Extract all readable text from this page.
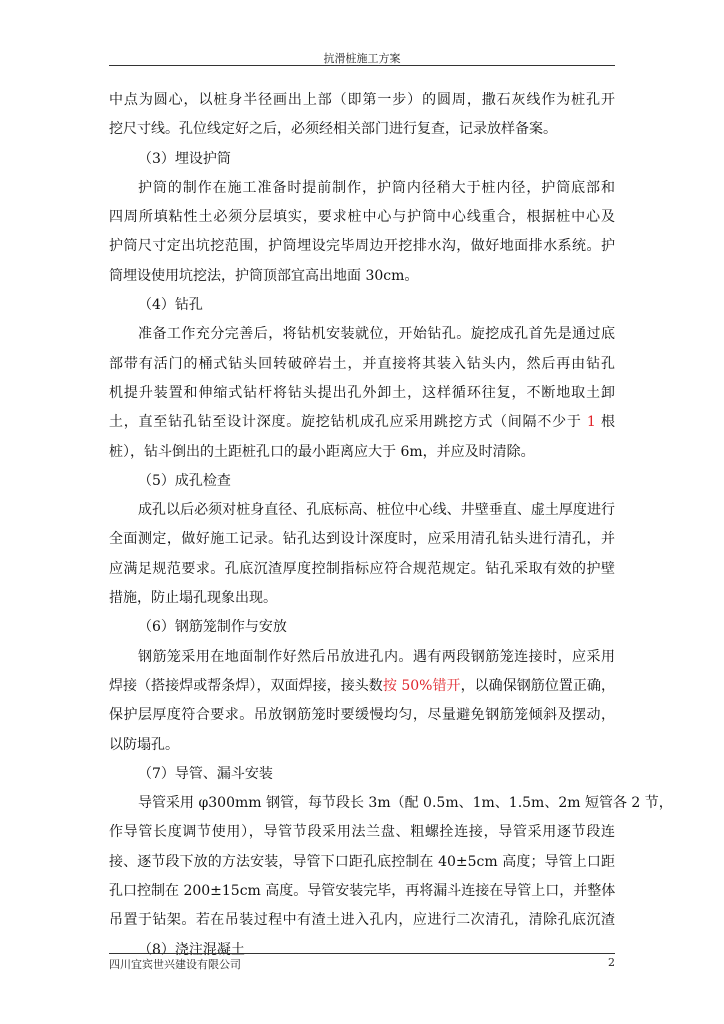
抗滑桩施工方案
中点为圆心，以桩身半径画出上部（即第一步）的圆周，撒石灰线作为桩孔开
挖尺寸线。孔位线定好之后，必须经相关部门进行复查，记录放样备案。
（3）埋设护筒
护筒的制作在施工准备时提前制作，护筒内径稍大于桩内径，护筒底部和
四周所填粘性土必须分层填实，要求桩中心与护筒中心线重合，根据桩中心及
护筒尺寸定出坑挖范围，护筒埋设完毕周边开挖排水沟，做好地面排水系统。护
筒埋设使用坑挖法，护筒顶部宜高出地面 30cm。
（4）钻孔
准备工作充分完善后，将钻机安装就位，开始钻孔。旋挖成孔首先是通过底
部带有活门的桶式钻头回转破碎岩土，并直接将其装入钻头内，然后再由钻孔
机提升装置和伸缩式钻杆将钻头提出孔外卸土，这样循环往复，不断地取土卸
土，直至钻孔钻至设计深度。旋挖钻机成孔应采用跳挖方式（间隔不少于 1 根
桩），钻斗倒出的土距桩孔口的最小距离应大于 6m，并应及时清除。
（5）成孔检查
成孔以后必须对桩身直径、孔底标高、桩位中心线、井壁垂直、虚土厚度进行
全面测定，做好施工记录。钻孔达到设计深度时，应采用清孔钻头进行清孔，并
应满足规范要求。孔底沉渣厚度控制指标应符合规范规定。钻孔采取有效的护壁
措施，防止塌孔现象出现。
（6）钢筋笼制作与安放
钢筋笼采用在地面制作好然后吊放进孔内。遇有两段钢筋笼连接时，应采用
焊接（搭接焊或帮条焊），双面焊接，接头数按 50%错开，以确保钢筋位置正确，
保护层厚度符合要求。吊放钢筋笼时要缓慢均匀，尽量避免钢筋笼倾斜及摆动，
以防塌孔。
（7）导管、漏斗安装
导管采用 φ300mm 钢管，每节段长 3m（配 0.5m、1m、1.5m、2m 短管各 2 节，
作导管长度调节使用），导管节段采用法兰盘、粗螺拴连接，导管采用逐节段连
接、逐节段下放的方法安装，导管下口距孔底控制在 40±5cm 高度；导管上口距
孔口控制在 200±15cm 高度。导管安装完毕，再将漏斗连接在导管上口，并整体
吊置于钻架。若在吊装过程中有渣土进入孔内，应进行二次清孔，清除孔底沉渣
（8）浇注混凝土
四川宜宾世兴建设有限公司	2
